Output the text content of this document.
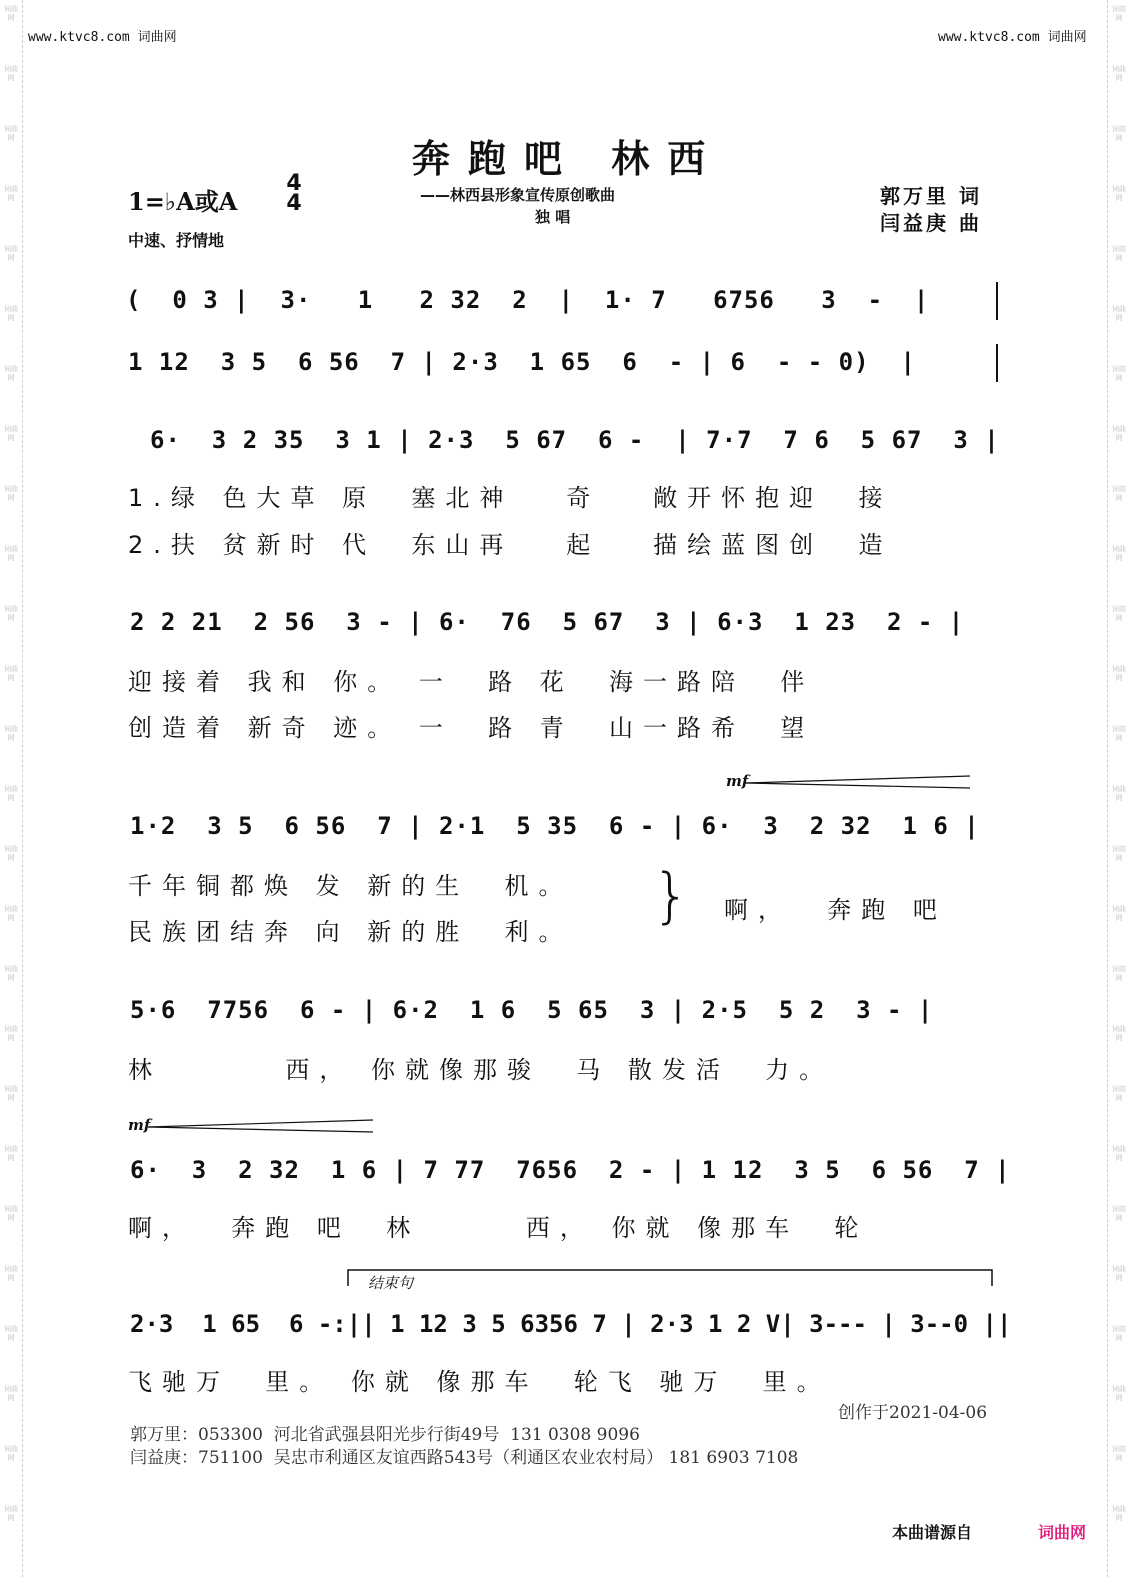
词曲网
词曲网
词曲网
词曲网
词曲网
词曲网
词曲网
词曲网
词曲网
词曲网
词曲网
词曲网
词曲网
词曲网
词曲网
词曲网
词曲网
词曲网
词曲网
词曲网
词曲网
词曲网
词曲网
词曲网
词曲网
词曲网
词曲网
词曲网
词曲网
词曲网
词曲网
词曲网
词曲网
词曲网
词曲网
词曲网
词曲网
词曲网
词曲网
词曲网
词曲网
词曲网
词曲网
词曲网
词曲网
词曲网
词曲网
词曲网
词曲网
词曲网
词曲网
词曲网
www.ktvc8.com 词曲网	www.ktvc8.com 词曲网
奔跑吧 林西
——林西县形象宣传原创歌曲
独 唱
1=♭A或A
4
4
中速、抒情地
郭万里 词
闫益庚 曲
(  0 3 |  3·   1   2 32  2  |  1· 7   6756   3  -  |
1 12  3 5  6 56  7 | 2·3  1 65  6  - | 6  - - 0)  |
6·  3 2 35  3 1 | 2·3  5 67  6 -  | 7·7  7 6  5 67  3 |
1.绿 色大草 原  塞北神   奇   敞开怀抱迎  接
2.扶 贫新时 代  东山再   起   描绘蓝图创  造
2 2 21  2 56  3 - | 6·  76  5 67  3 | 6·3  1 23  2 - |
迎接着 我和 你。 一  路 花  海一路陪  伴
创造着 新奇 迹。 一  路 青  山一路希  望
mf
1·2  3 5  6 56  7 | 2·1  5 35  6 - | 6·  3  2 32  1 6 |
千年铜都焕 发 新的生  机。
民族团结奔 向 新的胜  利。
} 啊，  奔跑 吧
5·6  7756  6 - | 6·2  1 6  5 65  3 | 2·5  5 2  3 - |
林       西， 你就像那骏  马 散发活  力。
mf
6·  3  2 32  1 6 | 7 77  7656  2 - | 1 12  3 5  6 56  7 |
啊，  奔跑 吧  林      西， 你就 像那车  轮
结束句
2·3  1 65  6 -:|| 1 12 3 5 6356 7 | 2·3 1 2 V| 3--- | 3--0 ||
飞驰万  里。 你就 像那车  轮飞 驰万  里。
创作于2021-04-06
郭万里：053300  河北省武强县阳光步行街49号  131 0308 9096
闫益庚：751100  吴忠市利通区友谊西路543号（利通区农业农村局） 181 6903 7108
本曲谱源自	词曲网
